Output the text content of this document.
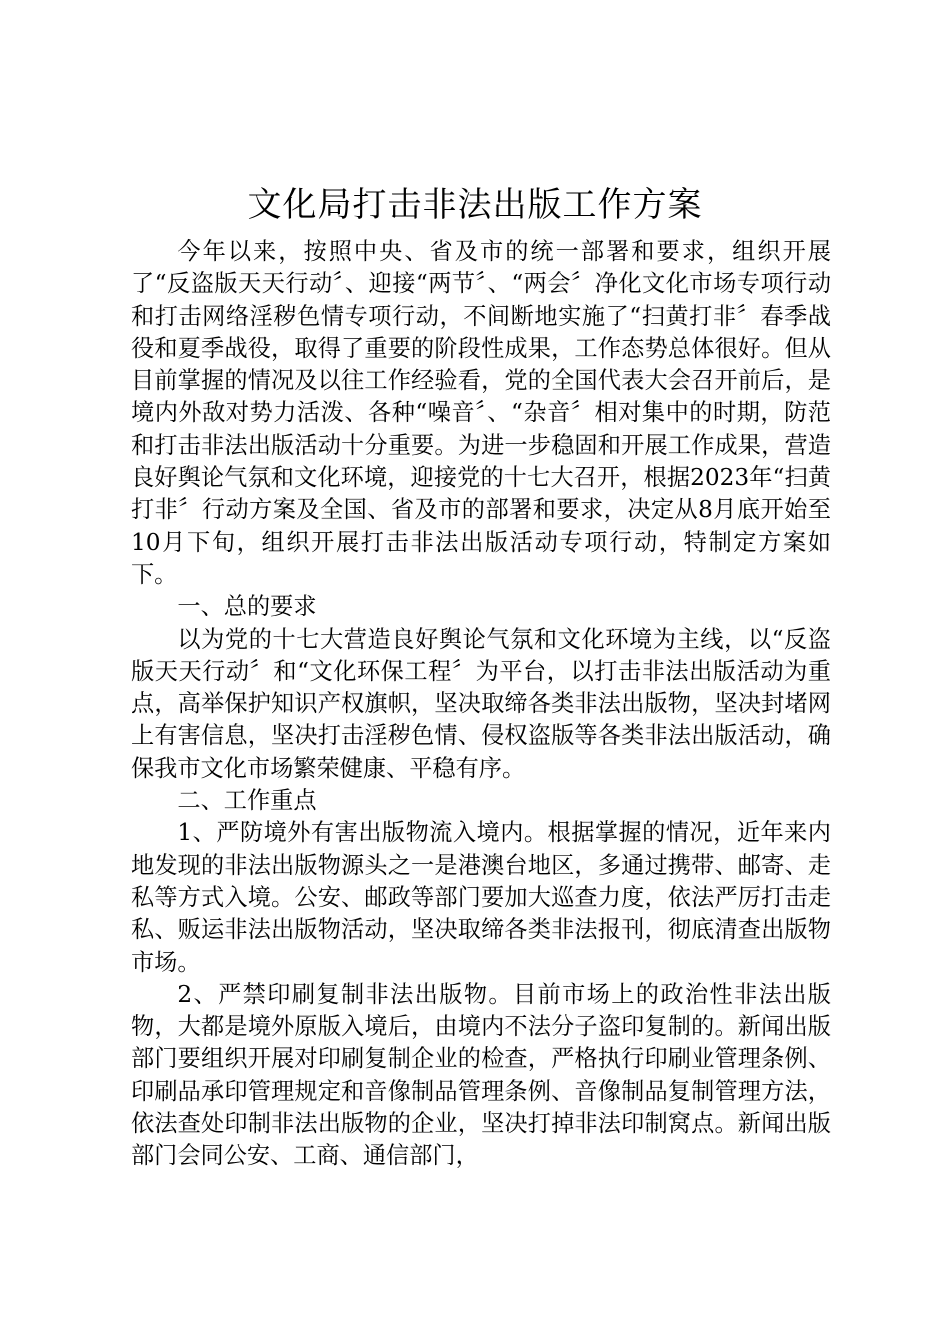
文化局打击非法出版工作方案

今年以来，按照中央、省及市的统一部署和要求，组织开展了“反盗版天天行动〞、迎接“两节〞、“两会〞净化文化市场专项行动和打击网络淫秽色情专项行动，不间断地实施了“扫黄打非〞春季战役和夏季战役，取得了重要的阶段性成果，工作态势总体很好。但从目前掌握的情况及以往工作经验看，党的全国代表大会召开前后，是境内外敌对势力活泼、各种“噪音〞、“杂音〞相对集中的时期，防范和打击非法出版活动十分重要。为进一步稳固和开展工作成果，营造良好舆论气氛和文化环境，迎接党的十七大召开，根据2023年“扫黄打非〞行动方案及全国、省及市的部署和要求，决定从8月底开始至10月下旬，组织开展打击非法出版活动专项行动，特制定方案如下。

一、总的要求

以为党的十七大营造良好舆论气氛和文化环境为主线，以“反盗版天天行动〞和“文化环保工程〞为平台，以打击非法出版活动为重点，高举保护知识产权旗帜，坚决取缔各类非法出版物，坚决封堵网上有害信息，坚决打击淫秽色情、侵权盗版等各类非法出版活动，确保我市文化市场繁荣健康、平稳有序。

二、工作重点

1、严防境外有害出版物流入境内。根据掌握的情况，近年来内地发现的非法出版物源头之一是港澳台地区，多通过携带、邮寄、走私等方式入境。公安、邮政等部门要加大巡查力度，依法严厉打击走私、贩运非法出版物活动，坚决取缔各类非法报刊，彻底清查出版物市场。

2、严禁印刷复制非法出版物。目前市场上的政治性非法出版物，大都是境外原版入境后，由境内不法分子盗印复制的。新闻出版部门要组织开展对印刷复制企业的检查，严格执行印刷业管理条例、印刷品承印管理规定和音像制品管理条例、音像制品复制管理方法，依法查处印制非法出版物的企业，坚决打掉非法印制窝点。新闻出版部门会同公安、工商、通信部门，
